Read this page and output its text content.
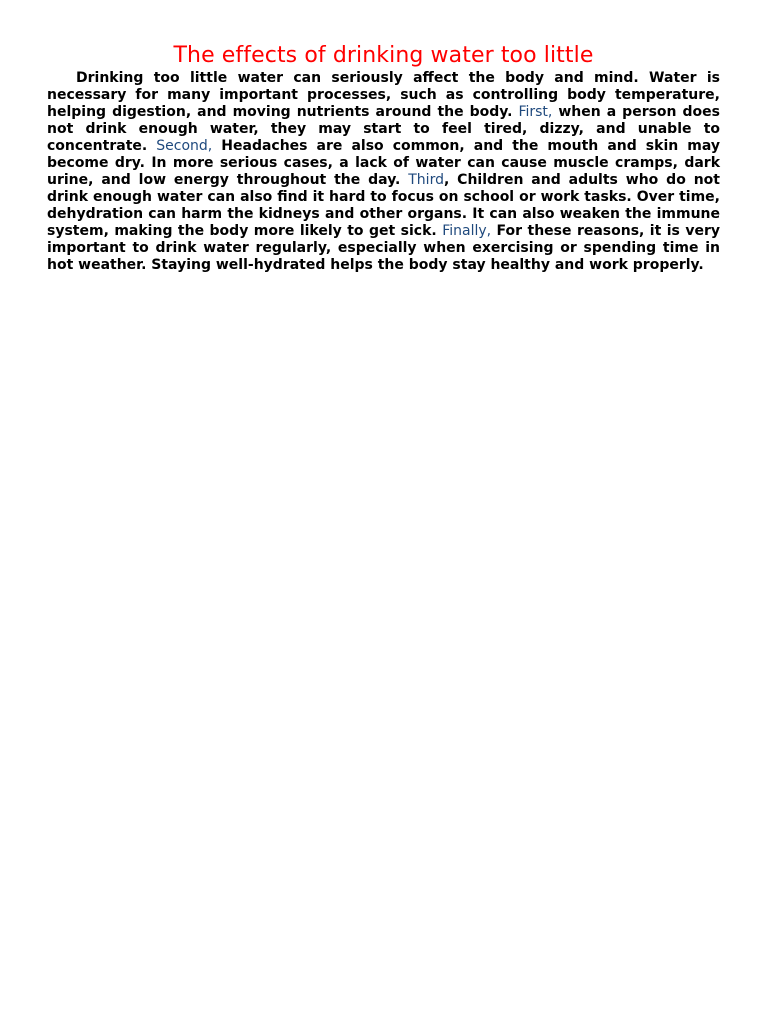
The effects of drinking water too little

Drinking too little water can seriously affect the body and mind. Water is necessary for many important processes, such as controlling body temperature, helping digestion, and moving nutrients around the body. First, when a person does not drink enough water, they may start to feel tired, dizzy, and unable to concentrate. Second, Headaches are also common, and the mouth and skin may become dry. In more serious cases, a lack of water can cause muscle cramps, dark urine, and low energy throughout the day. Third, Children and adults who do not drink enough water can also find it hard to focus on school or work tasks. Over time, dehydration can harm the kidneys and other organs. It can also weaken the immune system, making the body more likely to get sick. Finally, For these reasons, it is very important to drink water regularly, especially when exercising or spending time in hot weather. Staying well-hydrated helps the body stay healthy and work properly.
